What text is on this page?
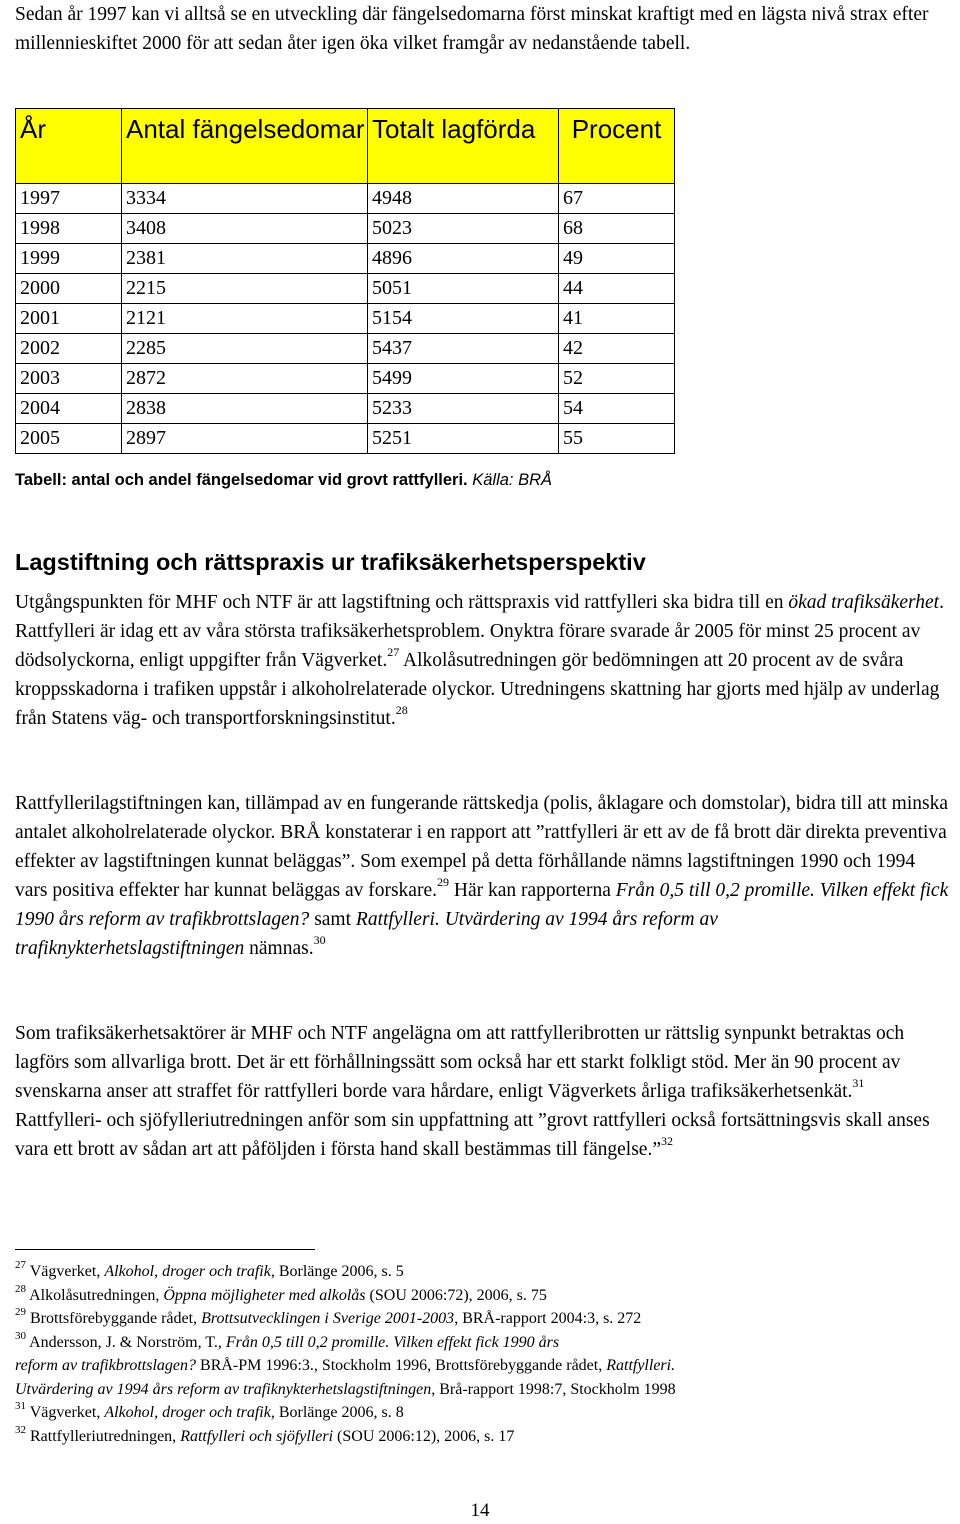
Sedan år 1997 kan vi alltså se en utveckling där fängelsedomarna först minskat kraftigt med en lägsta nivå strax efter millennieskiftet 2000 för att sedan åter igen öka vilket framgår av nedanstående tabell.
År	Antal fängelsedomar	Totalt lagförda	Procent
1997	3334	4948	67
1998	3408	5023	68
1999	2381	4896	49
2000	2215	5051	44
2001	2121	5154	41
2002	2285	5437	42
2003	2872	5499	52
2004	2838	5233	54
2005	2897	5251	55
Tabell: antal och andel fängelsedomar vid grovt rattfylleri. Källa: BRÅ
Lagstiftning och rättspraxis ur trafiksäkerhetsperspektiv
Utgångspunkten för MHF och NTF är att lagstiftning och rättspraxis vid rattfylleri ska bidra till en ökad trafiksäkerhet. Rattfylleri är idag ett av våra största trafiksäkerhetsproblem. Onyktra förare svarade år 2005 för minst 25 procent av dödsolyckorna, enligt uppgifter från Vägverket.$^{27}$ Alkolåsutredningen gör bedömningen att 20 procent av de svåra kroppsskadorna i trafiken uppstår i alkoholrelaterade olyckor. Utredningens skattning har gjorts med hjälp av underlag från Statens väg- och transportforskningsinstitut.$^{28}$
Rattfyllerilagstiftningen kan, tillämpad av en fungerande rättskedja (polis, åklagare och domstolar), bidra till att minska antalet alkoholrelaterade olyckor. BRÅ konstaterar i en rapport att ”rattfylleri är ett av de få brott där direkta preventiva effekter av lagstiftningen kunnat beläggas”. Som exempel på detta förhållande nämns lagstiftningen 1990 och 1994 vars positiva effekter har kunnat beläggas av forskare.$^{29}$ Här kan rapporterna Från 0,5 till 0,2 promille. Vilken effekt fick 1990 års reform av trafikbrottslagen? samt Rattfylleri. Utvärdering av 1994 års reform av trafiknykterhetslagstiftningen nämnas.$^{30}$
Som trafiksäkerhetsaktörer är MHF och NTF angelägna om att rattfylleribrotten ur rättslig synpunkt betraktas och lagförs som allvarliga brott. Det är ett förhållningssätt som också har ett starkt folkligt stöd. Mer än 90 procent av svenskarna anser att straffet för rattfylleri borde vara hårdare, enligt Vägverkets årliga trafiksäkerhetsenkät.$^{31}$ Rattfylleri- och sjöfylleriutredningen anför som sin uppfattning att ”grovt rattfylleri också fortsättningsvis skall anses vara ett brott av sådan art att påföljden i första hand skall bestämmas till fängelse.”$^{32}$
$^{27}$ Vägverket, Alkohol, droger och trafik, Borlänge 2006, s. 5
$^{28}$ Alkolåsutredningen, Öppna möjligheter med alkolås (SOU 2006:72), 2006, s. 75
$^{29}$ Brottsförebyggande rådet, Brottsutvecklingen i Sverige 2001-2003, BRÅ-rapport 2004:3, s. 272
$^{30}$ Andersson, J. & Norström, T., Från 0,5 till 0,2 promille. Vilken effekt fick 1990 års
reform av trafikbrottslagen? BRÅ-PM 1996:3., Stockholm 1996, Brottsförebyggande rådet, Rattfylleri.
Utvärdering av 1994 års reform av trafiknykterhetslagstiftningen, Brå-rapport 1998:7, Stockholm 1998
$^{31}$ Vägverket, Alkohol, droger och trafik, Borlänge 2006, s. 8
$^{32}$ Rattfylleriutredningen, Rattfylleri och sjöfylleri (SOU 2006:12), 2006, s. 17
14
